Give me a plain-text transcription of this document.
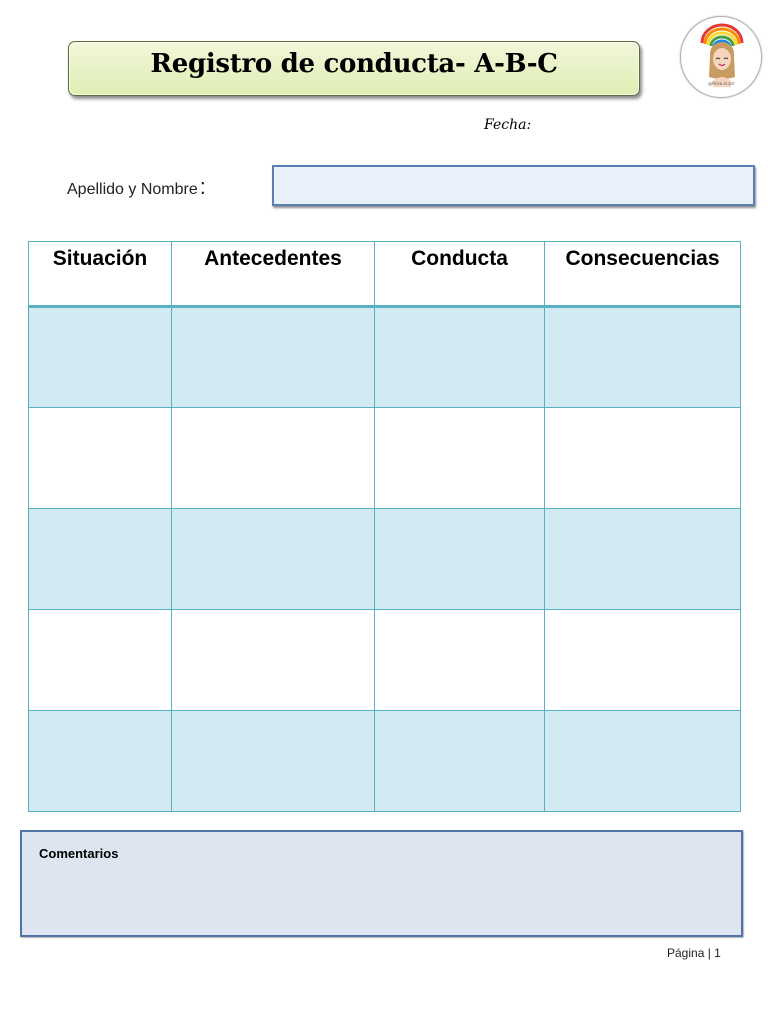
Registro de conducta- A-B-C
@Psico.el.sol
Fecha:
Apellido y Nombre:
Situación	Antecedentes	Conducta	Consecuencias

Comentarios
Página | 1
